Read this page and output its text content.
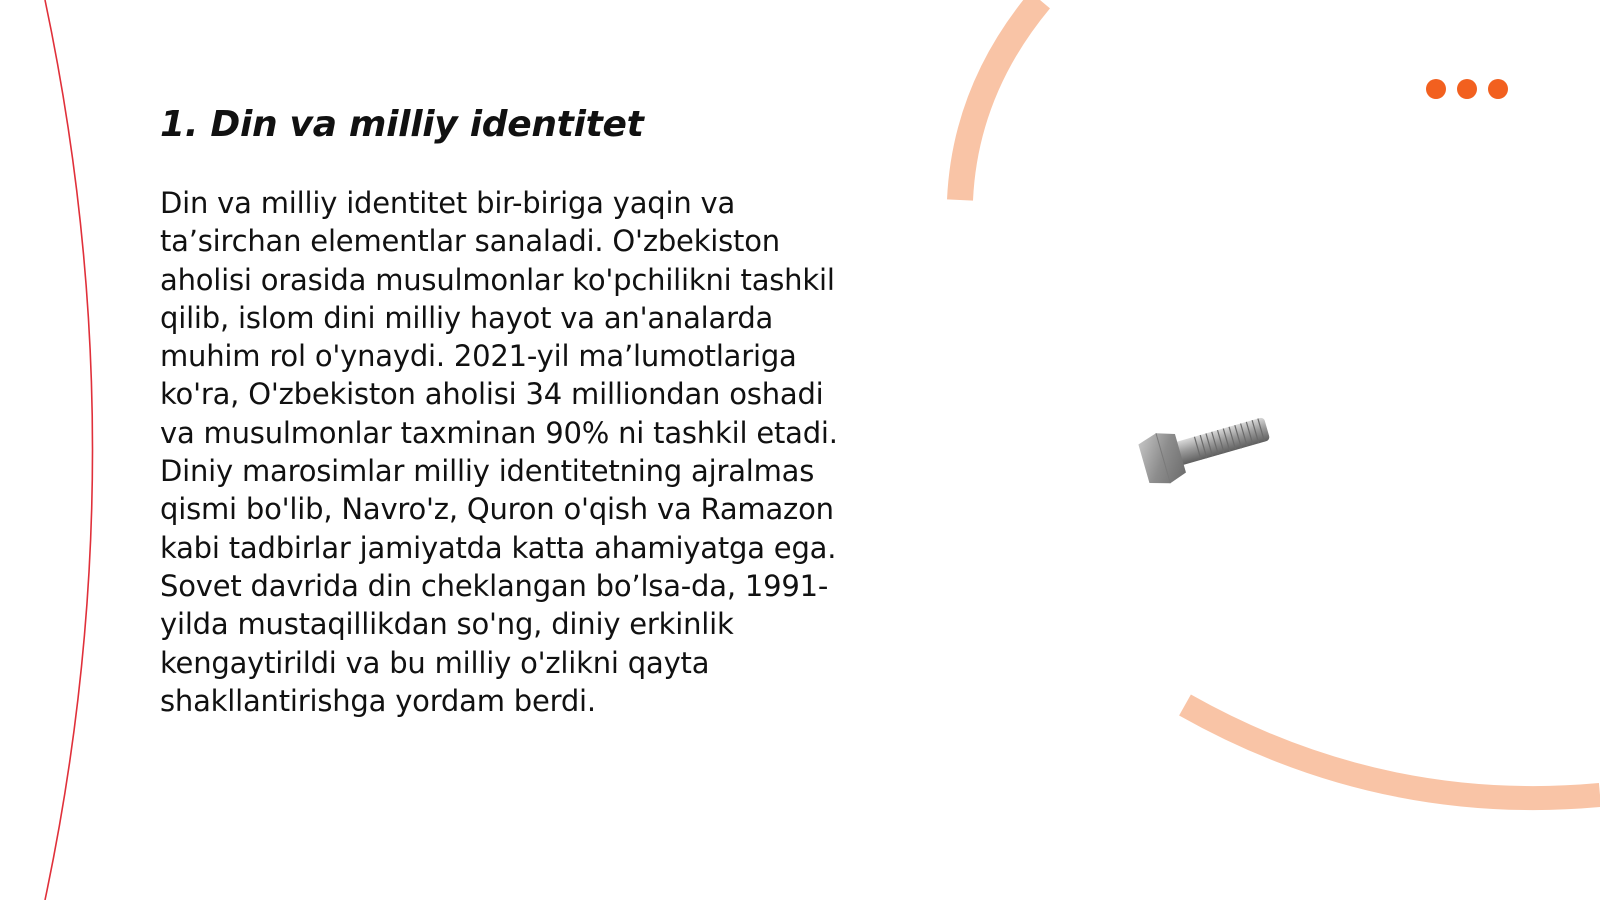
1. Din va milliy identitet

Din va milliy identitet bir-biriga yaqin va ta’sirchan elementlar sanaladi. O'zbekiston aholisi orasida musulmonlar ko'pchilikni tashkil qilib, islom dini milliy hayot va an'analarda muhim rol o'ynaydi. 2021-yil ma’lumotlariga ko'ra, O'zbekiston aholisi 34 milliondan oshadi va musulmonlar taxminan 90% ni tashkil etadi. Diniy marosimlar milliy identitetning ajralmas qismi bo'lib, Navro'z, Quron o'qish va Ramazon kabi tadbirlar jamiyatda katta ahamiyatga ega. Sovet davrida din cheklangan bo’lsa-da, 1991-yilda mustaqillikdan so'ng, diniy erkinlik kengaytirildi va bu milliy o'zlikni qayta shakllantirishga yordam berdi.
